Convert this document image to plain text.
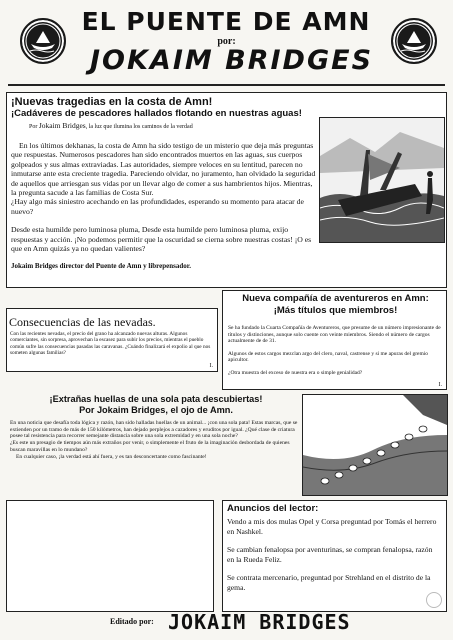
EL PUENTE DE AMN
por:
JOKAIM BRIDGES
¡Nuevas tragedias en la costa de Amn!
¡Cadáveres de pescadores hallados flotando en nuestras aguas!
Por Jokaim Bridges, la luz que ilumina los caminos de la verdad

En los últimos dekhanas, la costa de Amn ha sido testigo de un misterio que deja más preguntas que respuestas. Numerosos pescadores han sido encontrados muertos en las aguas, sus cuerpos golpeados y sus almas extraviadas. Las autoridades, siempre veloces en su lentitud, parecen no inmutarse ante esta creciente tragedia. Pareciendo olvidar, no juramento, han olvidado la seguridad de aquellos que arriesgan sus vidas por un llevar algo de comer a sus hambrientos hijos. Mientras, la pregunta sacude a las familias de Costa Sur.

¿Hay algo más siniestro acechando en las profundidades, esperando su momento para atacar de nuevo?

Desde esta humilde pero luminosa pluma, Desde esta humilde pero luminosa pluma, exijo respuestas y acción. ¡No podemos permitir que la oscuridad se cierna sobre nuestras costas! ¡O es que en Amn quizás ya no quedan valientes?

Jokaim Bridges director del Puente de Amn y librepensador.

Consecuencias de las nevadas.
Con las recientes nevadas, el precio del grano ha alcanzado nuevas alturas. Algunos comerciantes, sin sorpresa, aprovechan la escasez para subir los precios, mientras el pueblo común sufre las consecuencias pasadas las caravanas. ¿Cuándo finalizará el expolio al que nos someten algunas familias?
I.
Nueva compañía de aventureros en Amn:
¡Más títulos que miembros!

Se ha fundado la Cuarta Compañía de Aventureros, que presume de un número impresionante de títulos y distinciones, aunque solo cuente con veinte miembros. Siendo el número de cargos actualmente de de 31.

Algunos de estos cargos mezclan argo del clero, naval, castrense y si me apuras del gremio apicultor.

¿Otra muestra del exceso de nuestra era o simple genialidad?

I.
¡Extrañas huellas de una sola pata descubiertas!
Por Jokaim Bridges, el ojo de Amn.

En una noticia que desafía toda lógica y razón, han sido halladas huellas de un animal... ¡con una sola pata! Estas marcas, que se extienden por un tramo de más de 150 kilómetros, han dejado perplejos a cazadores y eruditos por igual. ¿Qué clase de criatura posee tal resistencia para recorrer semejante distancia sobre una sola extremidad y en una sola noche?

¿Es este un presagio de tiempos aún más extraños por venir, o simplemente el fruto de la imaginación desbordada de quienes buscan maravillas en lo mundano?

En cualquier caso, ¡la verdad está ahí fuera, y es tan desconcertante como fascinante!

Anuncios del lector:

Vendo a mis dos mulas Opel y Corsa preguntad por Tomás el herrero en Nashkel.

Se cambian fenalopsa por aventurinas, se compran fenalopsa, razón en la Rueda Feliz.

Se contrata mercenario, preguntad por Strehland en el distrito de la gema.

Editado por: JOKAIM BRIDGES
